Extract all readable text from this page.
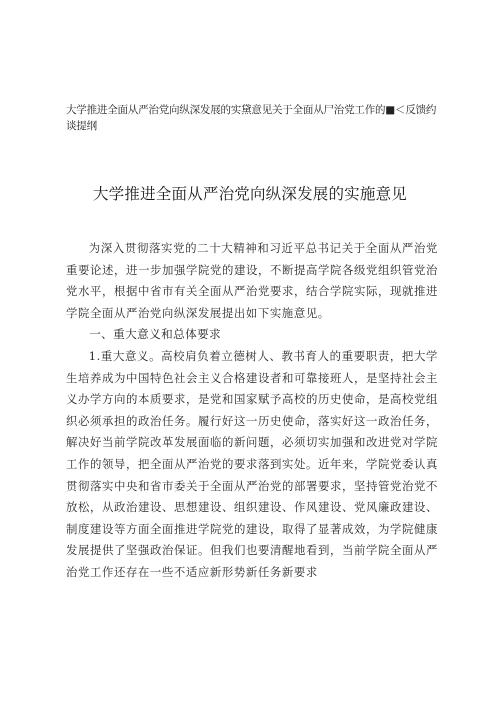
大学推进全面从严治党向纵深发展的实黛意见关于全面从尸治党工作的■＜反馈约谈提纲
大学推进全面从严治党向纵深发展的实施意见

为深入贯彻落实党的二十大精神和习近平总书记关于全面从严治党重要论述，进一步加强学院党的建设，不断提高学院各级党组织管党治党水平，根据中省市有关全面从严治党要求，结合学院实际，现就推进学院全面从严治党向纵深发展提出如下实施意见。

一、重大意义和总体要求

1.重大意义。高校肩负着立德树人、教书育人的重要职责，把大学生培养成为中国特色社会主义合格建设者和可靠接班人，是坚持社会主义办学方向的本质要求，是党和国家赋予高校的历史使命，是高校党组织必须承担的政治任务。履行好这一历史使命，落实好这一政治任务，解决好当前学院改革发展面临的新问题，必须切实加强和改进党对学院工作的领导，把全面从严治党的要求落到实处。近年来，学院党委认真贯彻落实中央和省市委关于全面从严治党的部署要求，坚持管党治党不放松，从政治建设、思想建设、组织建设、作风建设、党风廉政建设、制度建设等方面全面推进学院党的建设，取得了显著成效，为学院健康发展提供了坚强政治保证。但我们也要清醒地看到，当前学院全面从严治党工作还存在一些不适应新形势新任务新要求
